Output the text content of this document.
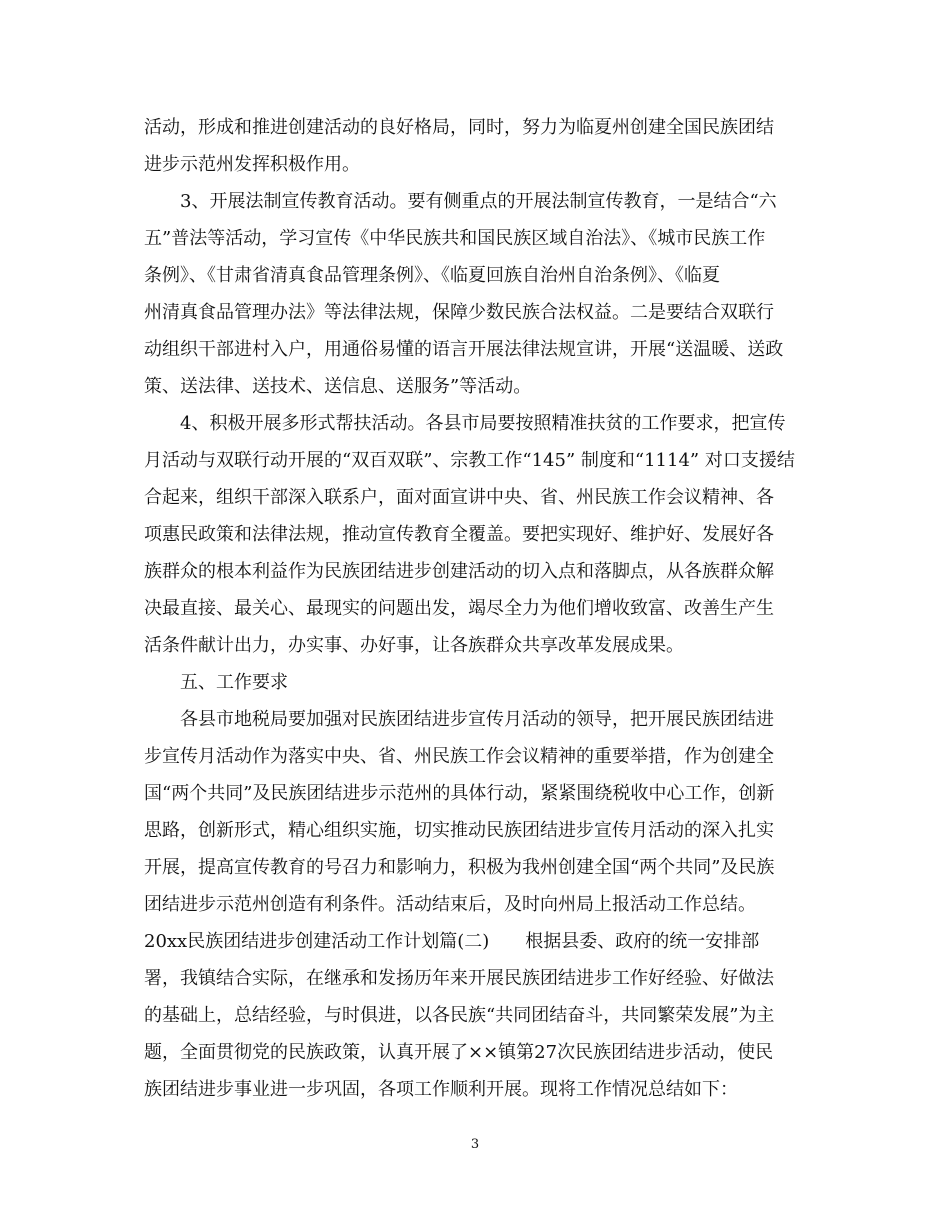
活动，形成和推进创建活动的良好格局，同时，努力为临夏州创建全国民族团结
进步示范州发挥积极作用。
3、开展法制宣传教育活动。要有侧重点的开展法制宣传教育，一是结合“六
五”普法等活动，学习宣传《中华民族共和国民族区域自治法》、《城市民族工作
条例》、《甘肃省清真食品管理条例》、《临夏回族自治州自治条例》、《临夏
州清真食品管理办法》等法律法规，保障少数民族合法权益。二是要结合双联行
动组织干部进村入户，用通俗易懂的语言开展法律法规宣讲，开展“送温暖、送政
策、送法律、送技术、送信息、送服务”等活动。
4、积极开展多形式帮扶活动。各县市局要按照精准扶贫的工作要求，把宣传
月活动与双联行动开展的“双百双联”、宗教工作“145” 制度和“1114” 对口支援结
合起来，组织干部深入联系户，面对面宣讲中央、省、州民族工作会议精神、各
项惠民政策和法律法规，推动宣传教育全覆盖。要把实现好、维护好、发展好各
族群众的根本利益作为民族团结进步创建活动的切入点和落脚点，从各族群众解
决最直接、最关心、最现实的问题出发，竭尽全力为他们增收致富、改善生产生
活条件献计出力，办实事、办好事，让各族群众共享改革发展成果。
五、工作要求
各县市地税局要加强对民族团结进步宣传月活动的领导，把开展民族团结进
步宣传月活动作为落实中央、省、州民族工作会议精神的重要举措，作为创建全
国“两个共同”及民族团结进步示范州的具体行动，紧紧围绕税收中心工作，创新
思路，创新形式，精心组织实施，切实推动民族团结进步宣传月活动的深入扎实
开展，提高宣传教育的号召力和影响力，积极为我州创建全国“两个共同”及民族
团结进步示范州创造有利条件。活动结束后，及时向州局上报活动工作总结。
20xx民族团结进步创建活动工作计划篇(二)　　根据县委、政府的统一安排部
署，我镇结合实际，在继承和发扬历年来开展民族团结进步工作好经验、好做法
的基础上，总结经验，与时俱进，以各民族“共同团结奋斗，共同繁荣发展”为主
题，全面贯彻党的民族政策，认真开展了××镇第27次民族团结进步活动，使民
族团结进步事业进一步巩固，各项工作顺利开展。现将工作情况总结如下：
3
